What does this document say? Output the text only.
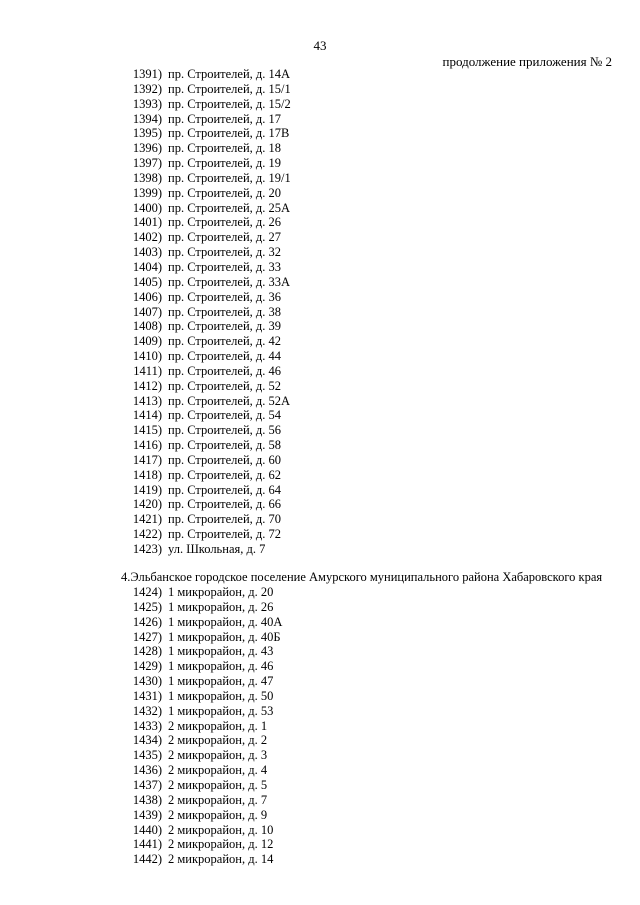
43
продолжение приложения № 2
1391) пр. Строителей, д. 14А
1392) пр. Строителей, д. 15/1
1393) пр. Строителей, д. 15/2
1394) пр. Строителей, д. 17
1395) пр. Строителей, д. 17В
1396) пр. Строителей, д. 18
1397) пр. Строителей, д. 19
1398) пр. Строителей, д. 19/1
1399) пр. Строителей, д. 20
1400) пр. Строителей, д. 25А
1401) пр. Строителей, д. 26
1402) пр. Строителей, д. 27
1403) пр. Строителей, д. 32
1404) пр. Строителей, д. 33
1405) пр. Строителей, д. 33А
1406) пр. Строителей, д. 36
1407) пр. Строителей, д. 38
1408) пр. Строителей, д. 39
1409) пр. Строителей, д. 42
1410) пр. Строителей, д. 44
1411) пр. Строителей, д. 46
1412) пр. Строителей, д. 52
1413) пр. Строителей, д. 52А
1414) пр. Строителей, д. 54
1415) пр. Строителей, д. 56
1416) пр. Строителей, д. 58
1417) пр. Строителей, д. 60
1418) пр. Строителей, д. 62
1419) пр. Строителей, д. 64
1420) пр. Строителей, д. 66
1421) пр. Строителей, д. 70
1422) пр. Строителей, д. 72
1423) ул. Школьная, д. 7
4.Эльбанское городское поселение Амурского муниципального района Хабаровского края
1424) 1 микрорайон, д. 20
1425) 1 микрорайон, д. 26
1426) 1 микрорайон, д. 40А
1427) 1 микрорайон, д. 40Б
1428) 1 микрорайон, д. 43
1429) 1 микрорайон, д. 46
1430) 1 микрорайон, д. 47
1431) 1 микрорайон, д. 50
1432) 1 микрорайон, д. 53
1433) 2 микрорайон, д. 1
1434) 2 микрорайон, д. 2
1435) 2 микрорайон, д. 3
1436) 2 микрорайон, д. 4
1437) 2 микрорайон, д. 5
1438) 2 микрорайон, д. 7
1439) 2 микрорайон, д. 9
1440) 2 микрорайон, д. 10
1441) 2 микрорайон, д. 12
1442) 2 микрорайон, д. 14
